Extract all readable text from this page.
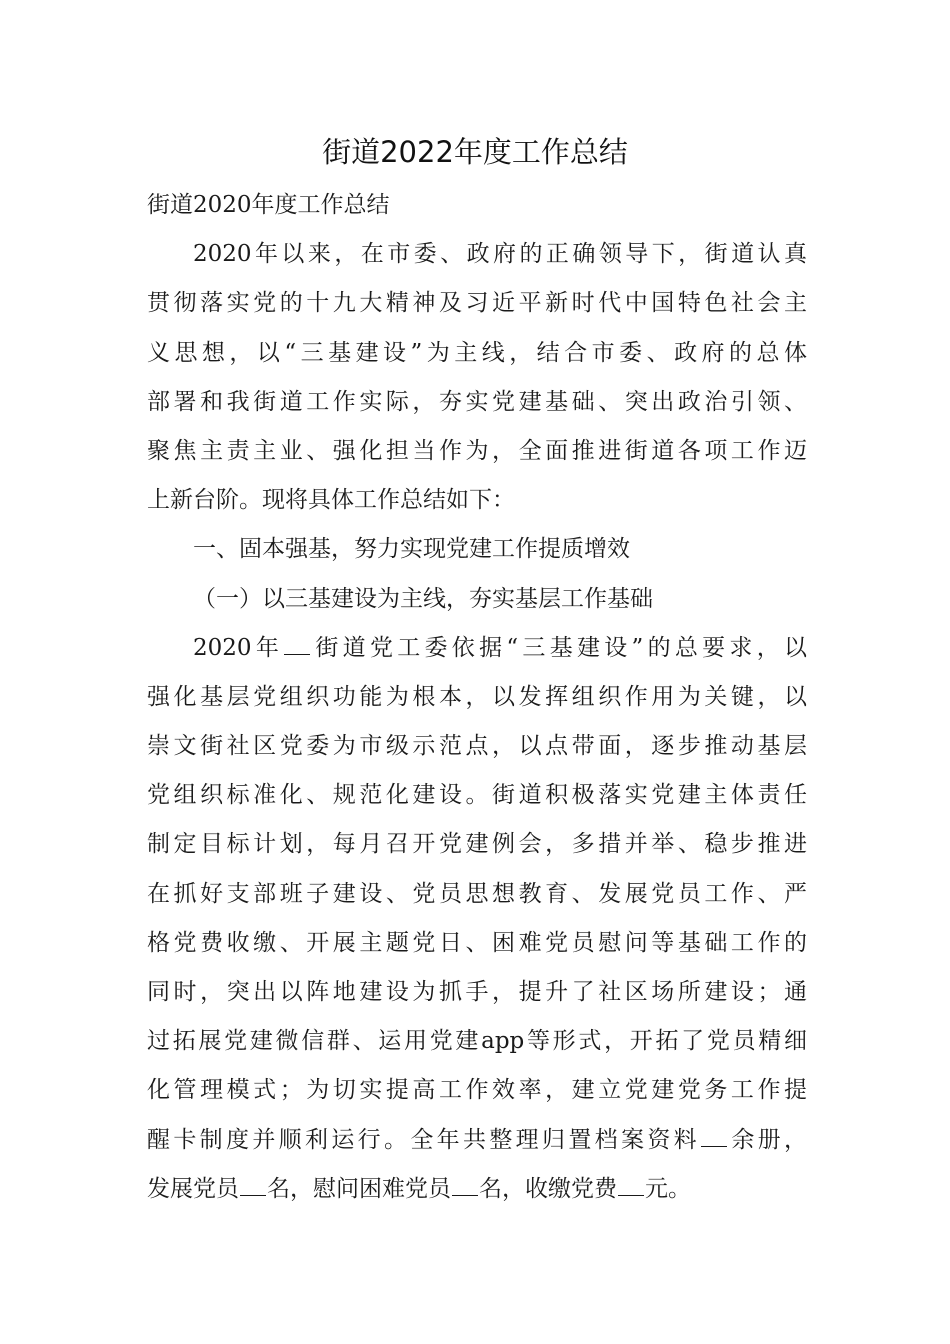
街道2022年度工作总结
街道2020年度工作总结
2020年以来，在市委、政府的正确领导下，街道认真
贯彻落实党的十九大精神及习近平新时代中国特色社会主
义思想，以“三基建设”为主线，结合市委、政府的总体
部署和我街道工作实际，夯实党建基础、突出政治引领、
聚焦主责主业、强化担当作为，全面推进街道各项工作迈
上新台阶。现将具体工作总结如下：
一、固本强基，努力实现党建工作提质增效
（一）以三基建设为主线，夯实基层工作基础
2020年 街道党工委依据“三基建设”的总要求，以
强化基层党组织功能为根本，以发挥组织作用为关键，以
崇文街社区党委为市级示范点，以点带面，逐步推动基层
党组织标准化、规范化建设。街道积极落实党建主体责任
制定目标计划，每月召开党建例会，多措并举、稳步推进
在抓好支部班子建设、党员思想教育、发展党员工作、严
格党费收缴、开展主题党日、困难党员慰问等基础工作的
同时，突出以阵地建设为抓手，提升了社区场所建设；通
过拓展党建微信群、运用党建app等形式，开拓了党员精细
化管理模式；为切实提高工作效率，建立党建党务工作提
醒卡制度并顺利运行。全年共整理归置档案资料 余册，
发展党员 名，慰问困难党员 名，收缴党费 元。
